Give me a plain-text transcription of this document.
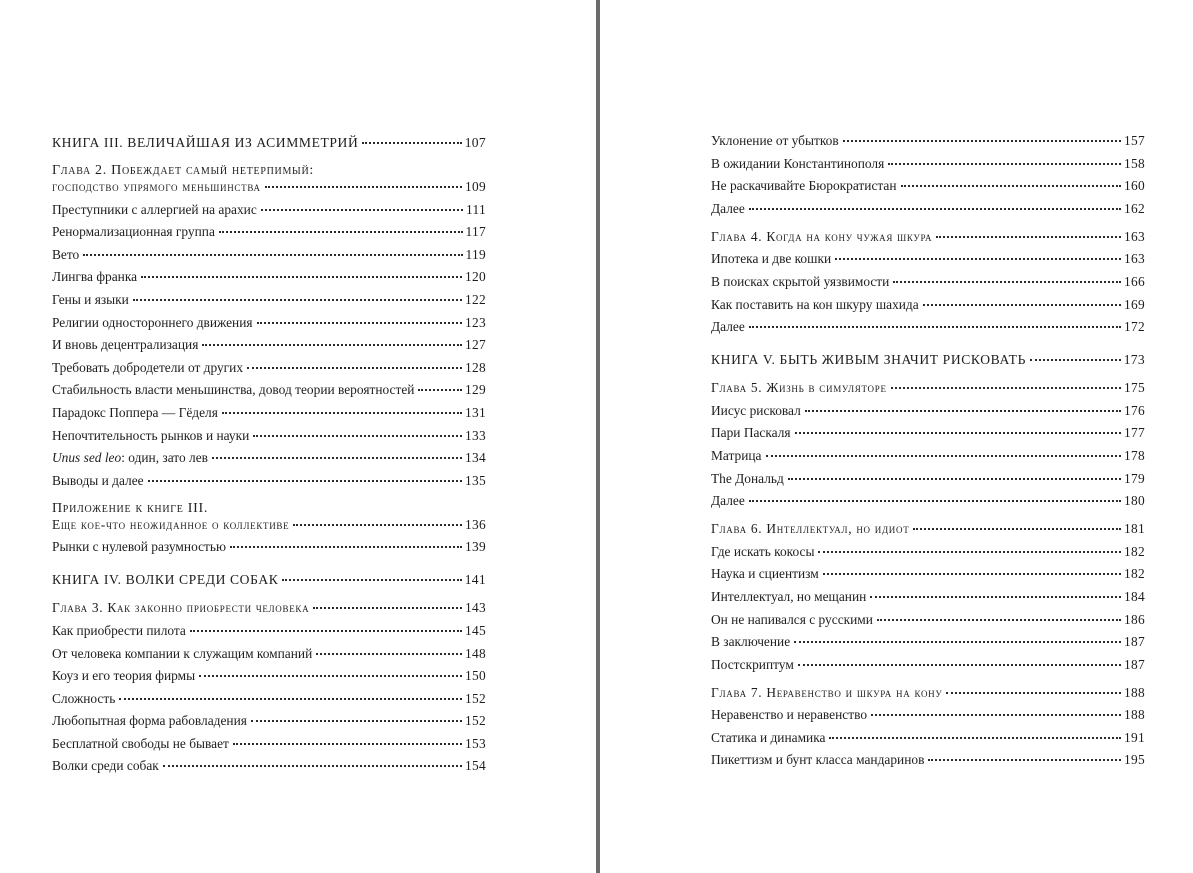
КНИГА III. ВЕЛИЧАЙШАЯ ИЗ АСИММЕТРИЙ	107
Глава 2. Побеждает самый нетерпимый:
господство упрямого меньшинства	109
Преступники с аллергией на арахис	111
Ренормализационная группа	117
Вето	119
Лингва франка	120
Гены и языки	122
Религии одностороннего движения	123
И вновь децентрализация	127
Требовать добродетели от других	128
Стабильность власти меньшинства, довод теории вероятностей	129
Парадокс Поппера — Гёделя	131
Непочтительность рынков и науки	133
Unus sed leo: один, зато лев	134
Выводы и далее	135
Приложение к книге III.
Еще кое-что неожиданное о коллективе	136
Рынки с нулевой разумностью	139
КНИГА IV. ВОЛКИ СРЕДИ СОБАК	141
Глава 3. Как законно приобрести человека	143
Как приобрести пилота	145
От человека компании к служащим компаний	148
Коуз и его теория фирмы	150
Сложность	152
Любопытная форма рабовладения	152
Бесплатной свободы не бывает	153
Волки среди собак	154
Уклонение от убытков	157
В ожидании Константинополя	158
Не раскачивайте Бюрократистан	160
Далее	162
Глава 4. Когда на кону чужая шкура	163
Ипотека и две кошки	163
В поисках скрытой уязвимости	166
Как поставить на кон шкуру шахида	169
Далее	172
КНИГА V. БЫТЬ ЖИВЫМ ЗНАЧИТ РИСКОВАТЬ	173
Глава 5. Жизнь в симуляторе	175
Иисус рисковал	176
Пари Паскаля	177
Матрица	178
The Дональд	179
Далее	180
Глава 6. Интеллектуал, но идиот	181
Где искать кокосы	182
Наука и сциентизм	182
Интеллектуал, но мещанин	184
Он не напивался с русскими	186
В заключение	187
Постскриптум	187
Глава 7. Неравенство и шкура на кону	188
Неравенство и неравенство	188
Статика и динамика	191
Пикеттизм и бунт класса мандаринов	195
